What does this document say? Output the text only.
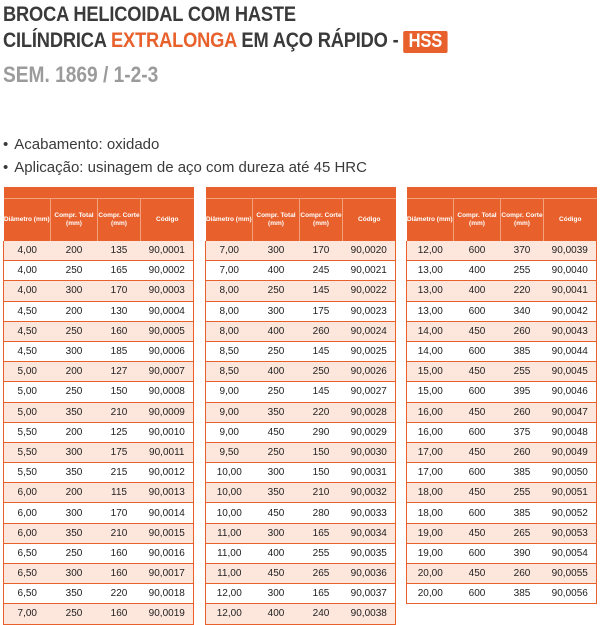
BROCA HELICOIDAL COM HASTE
CILÍNDRICA EXTRALONGA EM AÇO RÁPIDO - HSS
SEM. 1869 / 1-2-3
• Acabamento: oxidado
• Aplicação: usinagem de aço com dureza até 45 HRC

Diâmetro (mm)	Compr. Total (mm)	Compr. Corte (mm)	Código
4,00	200	135	90,0001
4,00	250	165	90,0002
4,00	300	170	90,0003
4,50	200	130	90,0004
4,50	250	160	90,0005
4,50	300	185	90,0006
5,00	200	127	90,0007
5,00	250	150	90,0008
5,00	350	210	90,0009
5,50	200	125	90,0010
5,50	300	175	90,0011
5,50	350	215	90,0012
6,00	200	115	90,0013
6,00	300	170	90,0014
6,00	350	210	90,0015
6,50	250	160	90,0016
6,50	300	160	90,0017
6,50	350	220	90,0018
7,00	250	160	90,0019

Diâmetro (mm)	Compr. Total (mm)	Compr. Corte (mm)	Código
7,00	300	170	90,0020
7,00	400	245	90,0021
8,00	250	145	90,0022
8,00	300	175	90,0023
8,00	400	260	90,0024
8,50	250	145	90,0025
8,50	400	250	90,0026
9,00	250	145	90,0027
9,00	350	220	90,0028
9,00	450	290	90,0029
9,50	250	150	90,0030
10,00	300	150	90,0031
10,00	350	210	90,0032
10,00	450	280	90,0033
11,00	300	165	90,0034
11,00	400	255	90,0035
11,00	450	265	90,0036
12,00	300	165	90,0037
12,00	400	240	90,0038

Diâmetro (mm)	Compr. Total (mm)	Compr. Corte (mm)	Código
12,00	600	370	90,0039
13,00	400	255	90,0040
13,00	400	220	90,0041
13,00	600	340	90,0042
14,00	450	260	90,0043
14,00	600	385	90,0044
15,00	450	255	90,0045
15,00	600	395	90,0046
16,00	450	260	90,0047
16,00	600	375	90,0048
17,00	450	260	90,0049
17,00	600	385	90,0050
18,00	450	255	90,0051
18,00	600	385	90,0052
19,00	450	265	90,0053
19,00	600	390	90,0054
20,00	450	260	90,0055
20,00	600	385	90,0056
